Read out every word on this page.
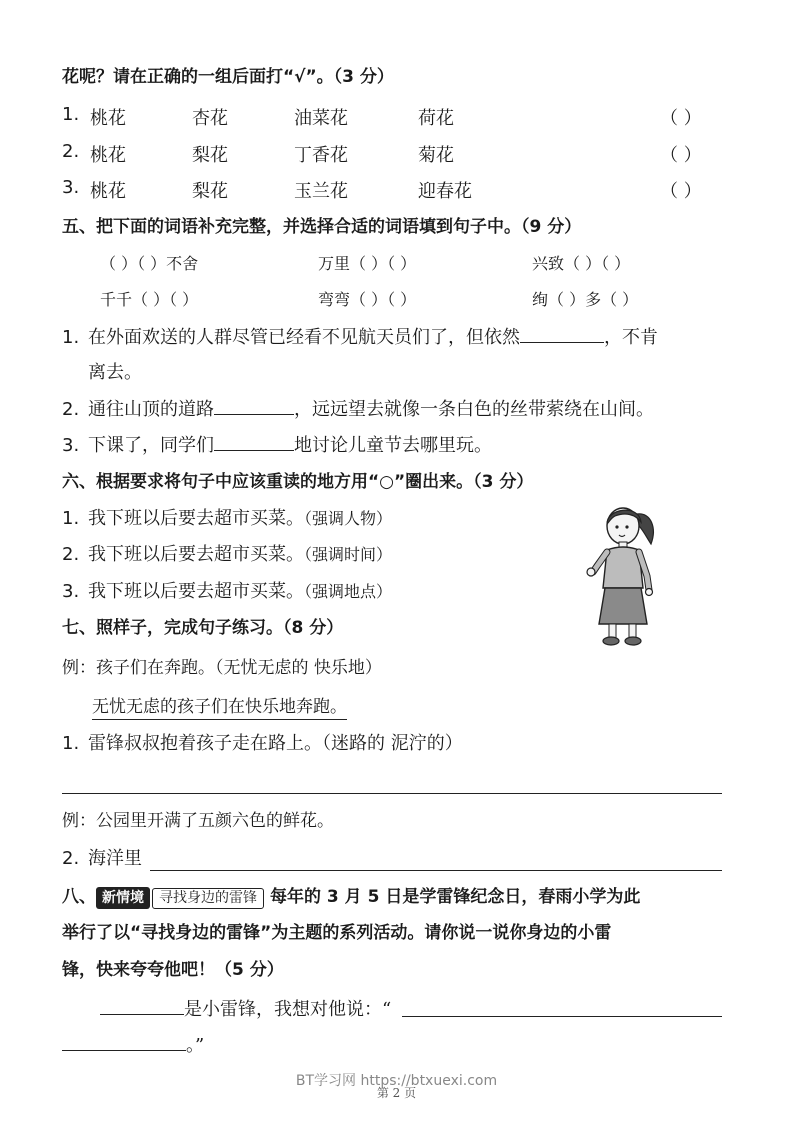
花呢？请在正确的一组后面打“√”。（3 分）
1. 桃花	杏花	油菜花	荷花	（ ）
2. 桃花	梨花	丁香花	菊花	（ ）
3. 桃花	梨花	玉兰花	迎春花	（ ）
五、把下面的词语补充完整，并选择合适的词语填到句子中。（9 分）
（ ）（ ）不舍	万里（ ）（ ）	兴致（ ）（ ）
千千（ ）（ ）	弯弯（ ）（ ）	绚（ ）多（ ）
1. 在外面欢送的人群尽管已经看不见航天员们了，但依然	，不肯
离去。
2. 通往山顶的道路	，远远望去就像一条白色的丝带萦绕在山间。
3. 下课了，同学们	地讨论儿童节去哪里玩。
六、根据要求将句子中应该重读的地方用“○”圈出来。（3 分）
1. 我下班以后要去超市买菜。（强调人物）
2. 我下班以后要去超市买菜。（强调时间）
3. 我下班以后要去超市买菜。（强调地点）
七、照样子，完成句子练习。（8 分）
例：孩子们在奔跑。（无忧无虑的 快乐地）
无忧无虑的孩子们在快乐地奔跑。
1. 雷锋叔叔抱着孩子走在路上。（迷路的 泥泞的）
例：公园里开满了五颜六色的鲜花。
2. 海洋里
八、 新情境 寻找身边的雷锋 每年的 3 月 5 日是学雷锋纪念日，春雨小学为此
举行了以“寻找身边的雷锋”为主题的系列活动。请你说一说你身边的小雷
锋，快来夸夸他吧！（5 分）
是小雷锋，我想对他说：“
。”
BT学习网 https://btxuexi.com
第 2 页
